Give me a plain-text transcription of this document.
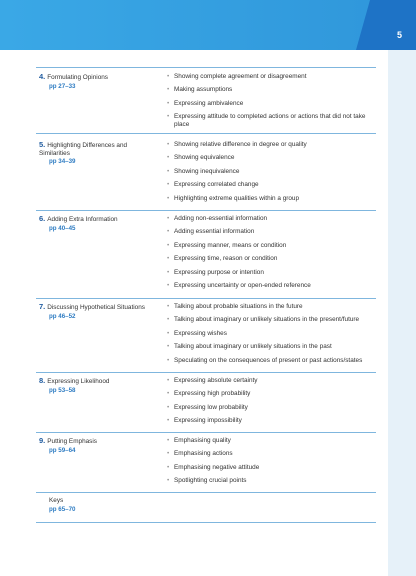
5
4. Formulating Opinions
pp 27–33
• Showing complete agreement or disagreement
• Making assumptions
• Expressing ambivalence
• Expressing attitude to completed actions or actions that did not take place
5. Highlighting Differences and Similarities
pp 34–39
• Showing relative difference in degree or quality
• Showing equivalence
• Showing inequivalence
• Expressing correlated change
• Highlighting extreme qualities within a group
6. Adding Extra Information
pp 40–45
• Adding non-essential information
• Adding essential information
• Expressing manner, means or condition
• Expressing time, reason or condition
• Expressing purpose or intention
• Expressing uncertainty or open-ended reference
7. Discussing Hypothetical Situations
pp 46–52
• Talking about probable situations in the future
• Talking about imaginary or unlikely situations in the present/future
• Expressing wishes
• Talking about imaginary or unlikely situations in the past
• Speculating on the consequences of present or past actions/states
8. Expressing Likelihood
pp 53–58
• Expressing absolute certainty
• Expressing high probability
• Expressing low probability
• Expressing impossibility
9. Putting Emphasis
pp 59–64
• Emphasising quality
• Emphasising actions
• Emphasising negative attitude
• Spotlighting crucial points
Keys
pp 65–70
